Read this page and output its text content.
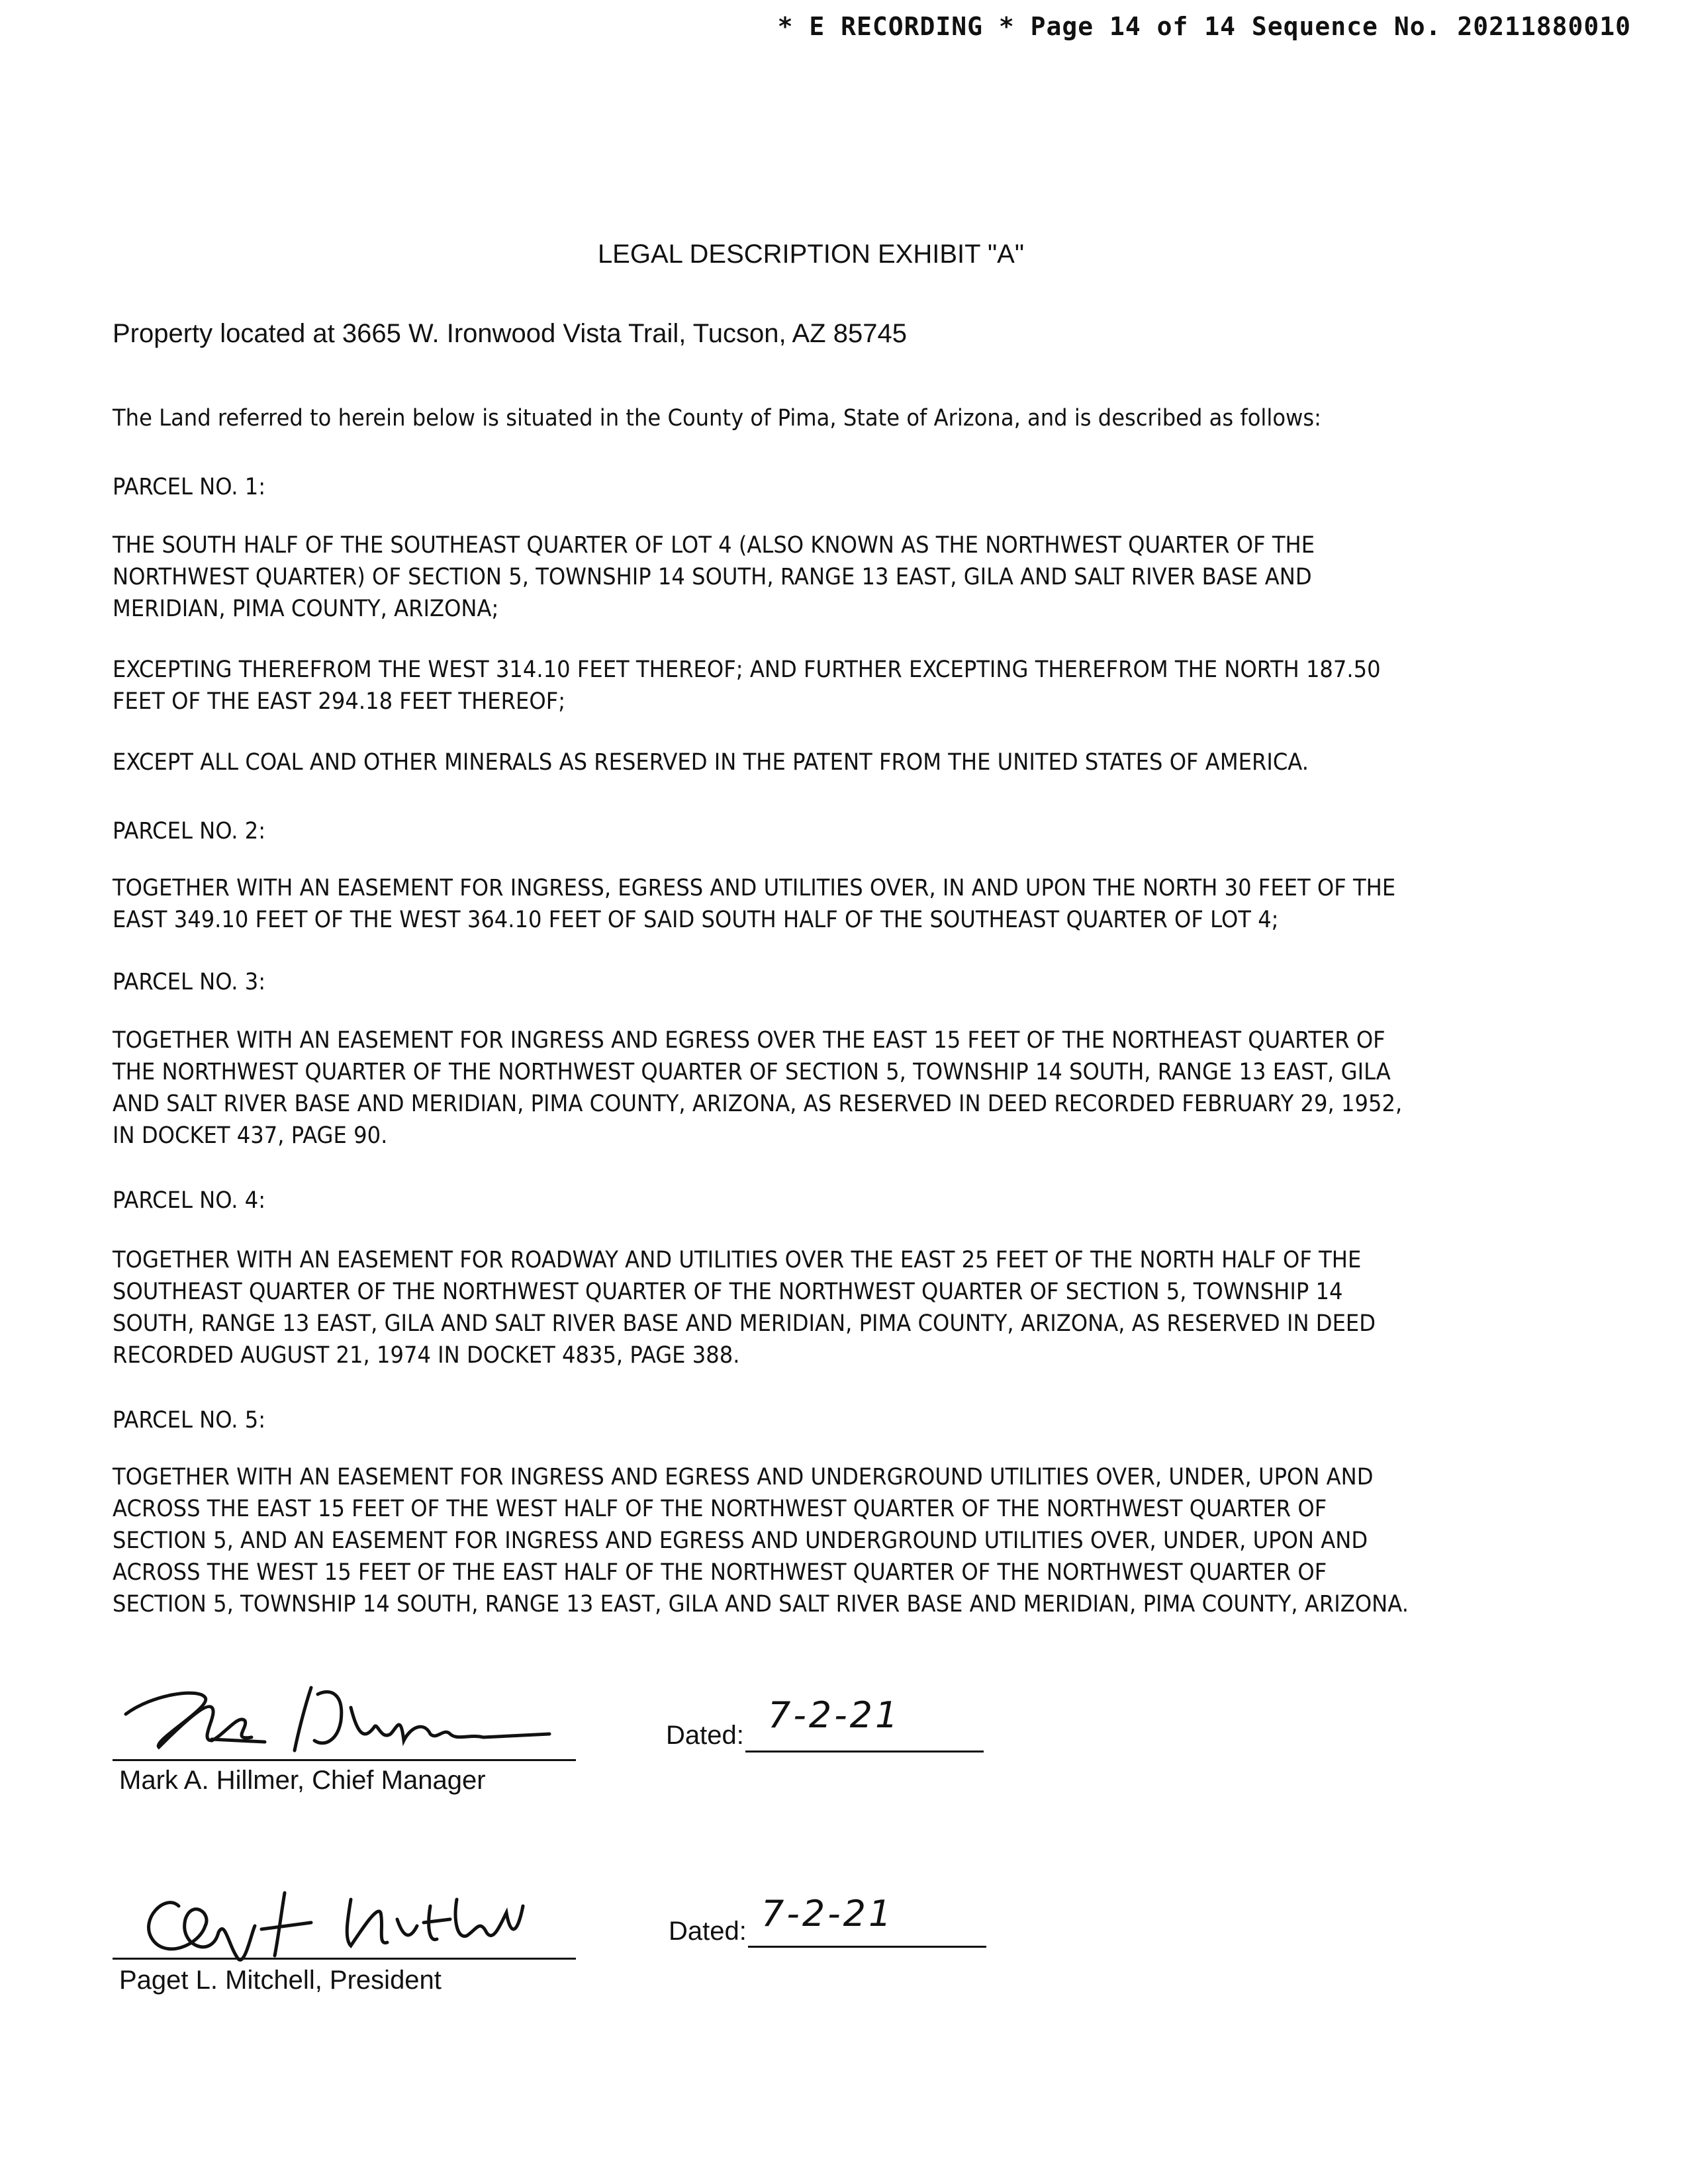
* E RECORDING * Page 14 of 14 Sequence No. 20211880010
LEGAL DESCRIPTION EXHIBIT "A"
Property located at 3665 W. Ironwood Vista Trail, Tucson, AZ 85745
The Land referred to herein below is situated in the County of Pima, State of Arizona, and is described as follows:
PARCEL NO. 1:
THE SOUTH HALF OF THE SOUTHEAST QUARTER OF LOT 4 (ALSO KNOWN AS THE NORTHWEST QUARTER OF THE NORTHWEST QUARTER) OF SECTION 5, TOWNSHIP 14 SOUTH, RANGE 13 EAST, GILA AND SALT RIVER BASE AND MERIDIAN, PIMA COUNTY, ARIZONA;
EXCEPTING THEREFROM THE WEST 314.10 FEET THEREOF; AND FURTHER EXCEPTING THEREFROM THE NORTH 187.50 FEET OF THE EAST 294.18 FEET THEREOF;
EXCEPT ALL COAL AND OTHER MINERALS AS RESERVED IN THE PATENT FROM THE UNITED STATES OF AMERICA.
PARCEL NO. 2:
TOGETHER WITH AN EASEMENT FOR INGRESS, EGRESS AND UTILITIES OVER, IN AND UPON THE NORTH 30 FEET OF THE EAST 349.10 FEET OF THE WEST 364.10 FEET OF SAID SOUTH HALF OF THE SOUTHEAST QUARTER OF LOT 4;
PARCEL NO. 3:
TOGETHER WITH AN EASEMENT FOR INGRESS AND EGRESS OVER THE EAST 15 FEET OF THE NORTHEAST QUARTER OF THE NORTHWEST QUARTER OF THE NORTHWEST QUARTER OF SECTION 5, TOWNSHIP 14 SOUTH, RANGE 13 EAST, GILA AND SALT RIVER BASE AND MERIDIAN, PIMA COUNTY, ARIZONA, AS RESERVED IN DEED RECORDED FEBRUARY 29, 1952, IN DOCKET 437, PAGE 90.
PARCEL NO. 4:
TOGETHER WITH AN EASEMENT FOR ROADWAY AND UTILITIES OVER THE EAST 25 FEET OF THE NORTH HALF OF THE SOUTHEAST QUARTER OF THE NORTHWEST QUARTER OF THE NORTHWEST QUARTER OF SECTION 5, TOWNSHIP 14 SOUTH, RANGE 13 EAST, GILA AND SALT RIVER BASE AND MERIDIAN, PIMA COUNTY, ARIZONA, AS RESERVED IN DEED RECORDED AUGUST 21, 1974 IN DOCKET 4835, PAGE 388.
PARCEL NO. 5:
TOGETHER WITH AN EASEMENT FOR INGRESS AND EGRESS AND UNDERGROUND UTILITIES OVER, UNDER, UPON AND ACROSS THE EAST 15 FEET OF THE WEST HALF OF THE NORTHWEST QUARTER OF THE NORTHWEST QUARTER OF SECTION 5, AND AN EASEMENT FOR INGRESS AND EGRESS AND UNDERGROUND UTILITIES OVER, UNDER, UPON AND ACROSS THE WEST 15 FEET OF THE EAST HALF OF THE NORTHWEST QUARTER OF THE NORTHWEST QUARTER OF SECTION 5, TOWNSHIP 14 SOUTH, RANGE 13 EAST, GILA AND SALT RIVER BASE AND MERIDIAN, PIMA COUNTY, ARIZONA.
Mark A. Hillmer, Chief Manager
Dated: 7-2-21
Paget L. Mitchell, President
Dated: 7-2-21
